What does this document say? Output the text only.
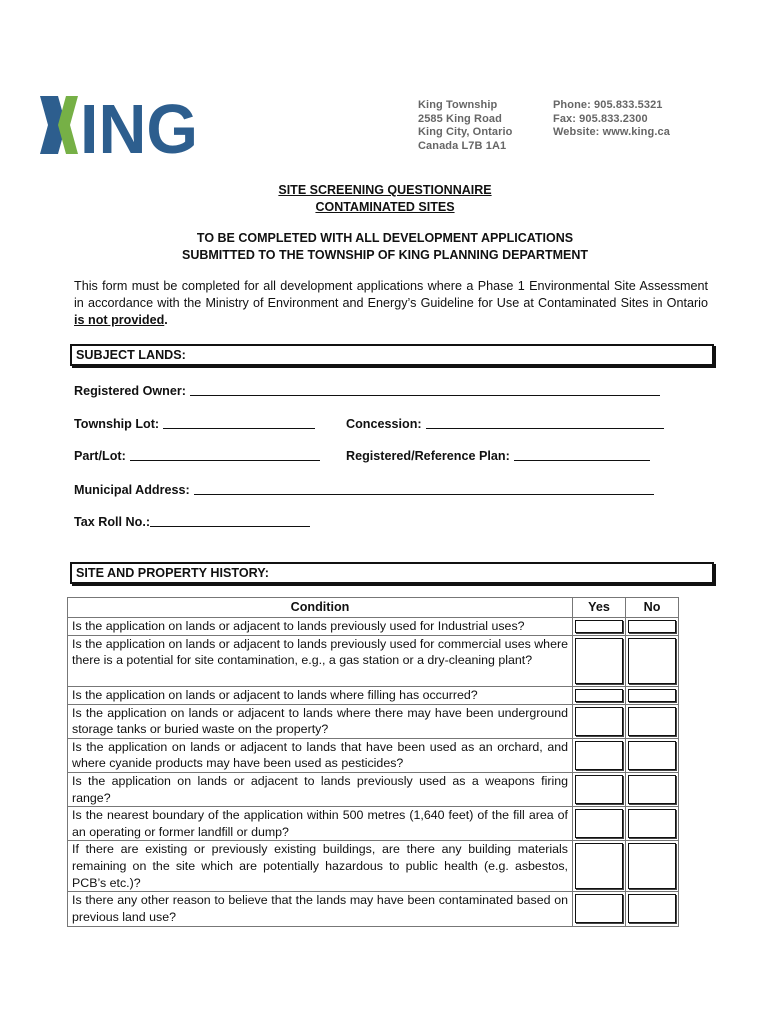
ING	King Township
2585 King Road
King City, Ontario
Canada L7B 1A1
Phone: 905.833.5321
Fax: 905.833.2300
Website: www.king.ca
SITE SCREENING QUESTIONNAIRE
CONTAMINATED SITES
TO BE COMPLETED WITH ALL DEVELOPMENT APPLICATIONS
SUBMITTED TO THE TOWNSHIP OF KING PLANNING DEPARTMENT
This form must be completed for all development applications where a Phase 1 Environmental Site Assessment in accordance with the Ministry of Environment and Energy’s Guideline for Use at Contaminated Sites in Ontario is not provided.
SUBJECT LANDS:
Registered Owner:
Township Lot:	Concession:
Part/Lot:	Registered/Reference Plan:
Municipal Address:
Tax Roll No.:
SITE AND PROPERTY HISTORY:
Condition	Yes	No
Is the application on lands or adjacent to lands previously used for Industrial uses?	

Is the application on lands or adjacent to lands previously used for commercial uses where there is a potential for site contamination, e.g., a gas station or a dry-cleaning plant?	

Is the application on lands or adjacent to lands where filling has occurred?	

Is the application on lands or adjacent to lands where there may have been underground storage tanks or buried waste on the property?	

Is the application on lands or adjacent to lands that have been used as an orchard, and where cyanide products may have been used as pesticides?	

Is the application on lands or adjacent to lands previously used as a weapons firing range?	

Is the nearest boundary of the application within 500 metres (1,640 feet) of the fill area of an operating or former landfill or dump?	

If there are existing or previously existing buildings, are there any building materials remaining on the site which are potentially hazardous to public health (e.g. asbestos, PCB’s etc.)?	

Is there any other reason to believe that the lands may have been contaminated based on previous land use?	
